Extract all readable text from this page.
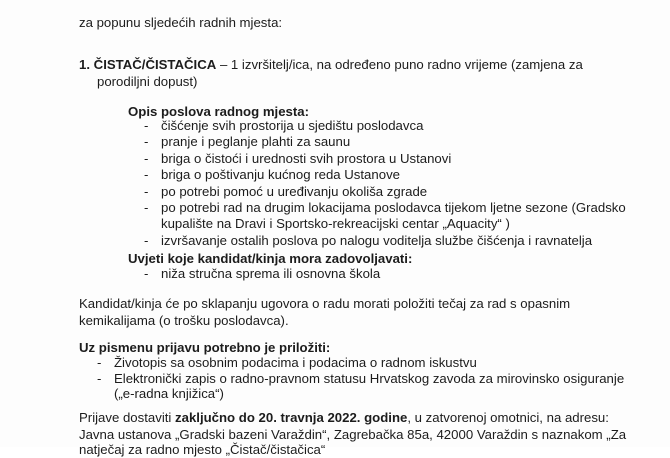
za popunu sljedećih radnih mjesta:
1. ČISTAČ/ČISTAČICA – 1 izvršitelj/ica, na određeno puno radno vrijeme (zamjena za
porodiljni dopust)
Opis poslova radnog mjesta:
- čišćenje svih prostorija u sjedištu poslodavca
- pranje i peglanje plahti za saunu
- briga o čistoći i urednosti svih prostora u Ustanovi
- briga o poštivanju kućnog reda Ustanove
- po potrebi pomoć u uređivanju okoliša zgrade
- po potrebi rad na drugim lokacijama poslodavca tijekom ljetne sezone (Gradsko
kupalište na Dravi i Sportsko-rekreacijski centar „Aquacity“ )
- izvršavanje ostalih poslova po nalogu voditelja službe čišćenja i ravnatelja
Uvjeti koje kandidat/kinja mora zadovoljavati:
- niža stručna sprema ili osnovna škola
Kandidat/kinja će po sklapanju ugovora o radu morati položiti tečaj za rad s opasnim
kemikalijama (o trošku poslodavca).
Uz pismenu prijavu potrebno je priložiti:
- Životopis sa osobnim podacima i podacima o radnom iskustvu
- Elektronički zapis o radno-pravnom statusu Hrvatskog zavoda za mirovinsko osiguranje
(„e-radna knjižica“)
Prijave dostaviti zaključno do 20. travnja 2022. godine, u zatvorenoj omotnici, na adresu:
Javna ustanova „Gradski bazeni Varaždin“, Zagrebačka 85a, 42000 Varaždin s naznakom „Za
natječaj za radno mjesto „Čistač/čistačica“
